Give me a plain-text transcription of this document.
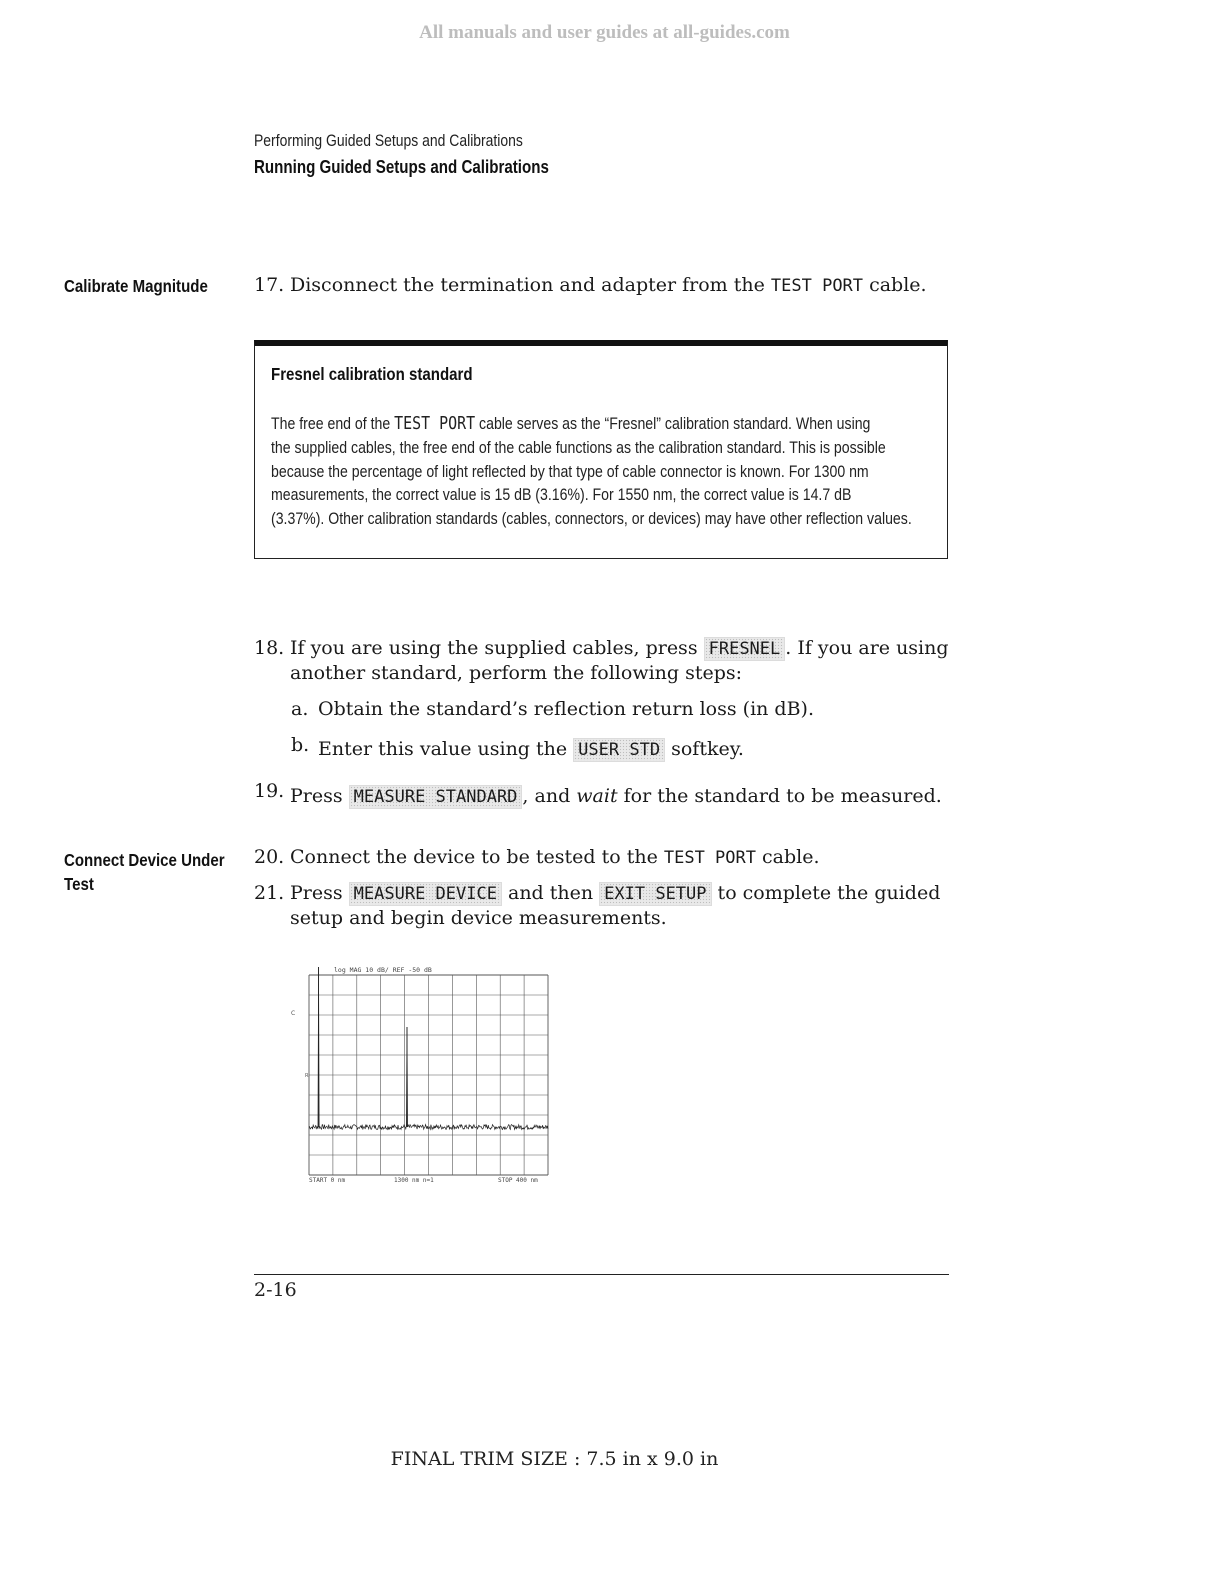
All manuals and user guides at all-guides.com
Performing Guided Setups and Calibrations
Running Guided Setups and Calibrations
Calibrate Magnitude	17. Disconnect the termination and adapter from the TEST PORT cable.
Fresnel calibration standard
The free end of the TEST PORT cable serves as the “Fresnel” calibration standard. When using
the supplied cables, the free end of the cable functions as the calibration standard. This is possible
because the percentage of light reflected by that type of cable connector is known. For 1300 nm
measurements, the correct value is 15 dB (3.16%). For 1550 nm, the correct value is 14.7 dB
(3.37%). Other calibration standards (cables, connectors, or devices) may have other reflection values.
18. If you are using the supplied cables, press FRESNEL . If you are using
another standard, perform the following steps:
a. Obtain the standard’s reflection return loss (in dB).
b. Enter this value using the USER STD softkey.
19. Press MEASURE STANDARD , and wait for the standard to be measured.
Connect Device Under
Test
20. Connect the device to be tested to the TEST PORT cable.
21. Press MEASURE DEVICE and then EXIT SETUP to complete the guided
setup and begin device measurements.
log MAG 10 dB/ REF -50 dB
C
R
START 0 nm	1300 nm n=1	STOP 400 nm
2-16
FINAL TRIM SIZE : 7.5 in x 9.0 in
